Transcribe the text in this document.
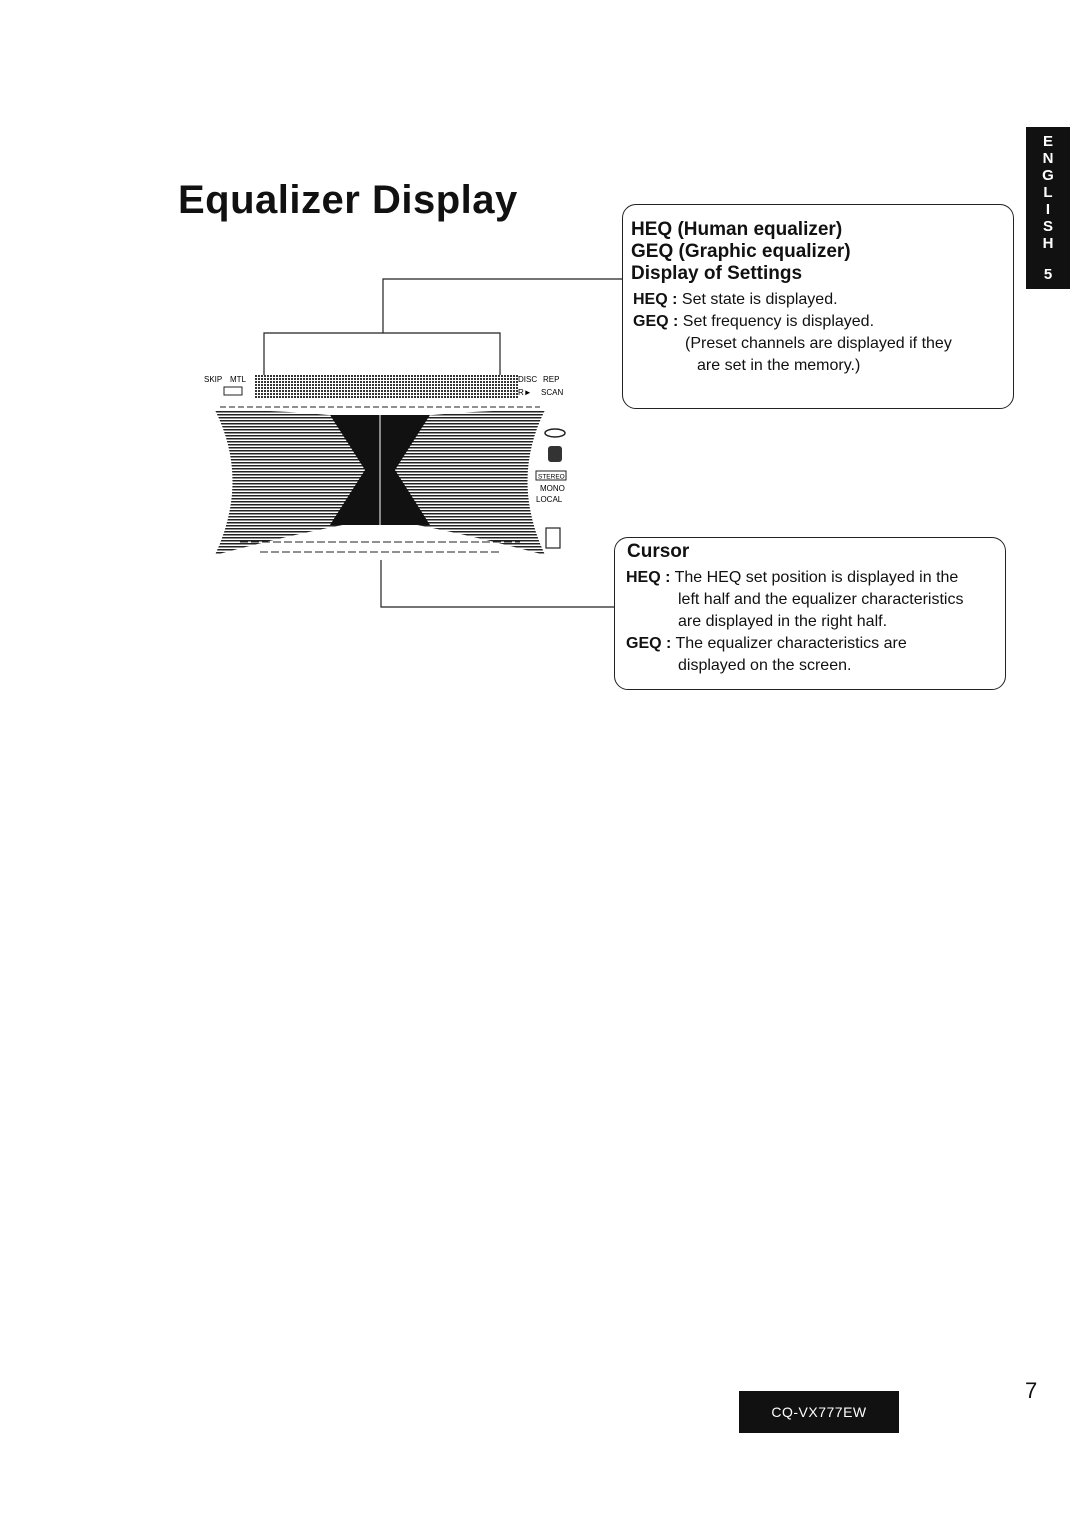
Equalizer Display
E
N
G
L
I
S
H
5
SKIP MTL	DISC REP
R► SCAN
STEREO
MONO
LOCAL
HEQ (Human equalizer)
GEQ (Graphic equalizer)
Display of Settings
HEQ : Set state is displayed.
GEQ : Set frequency is displayed.
(Preset channels are displayed if they
are set in the memory.)
Cursor
HEQ : The HEQ set position is displayed in the
left half and the equalizer characteristics
are displayed in the right half.
GEQ : The equalizer characteristics are
displayed on the screen.
CQ-VX777EW
7
